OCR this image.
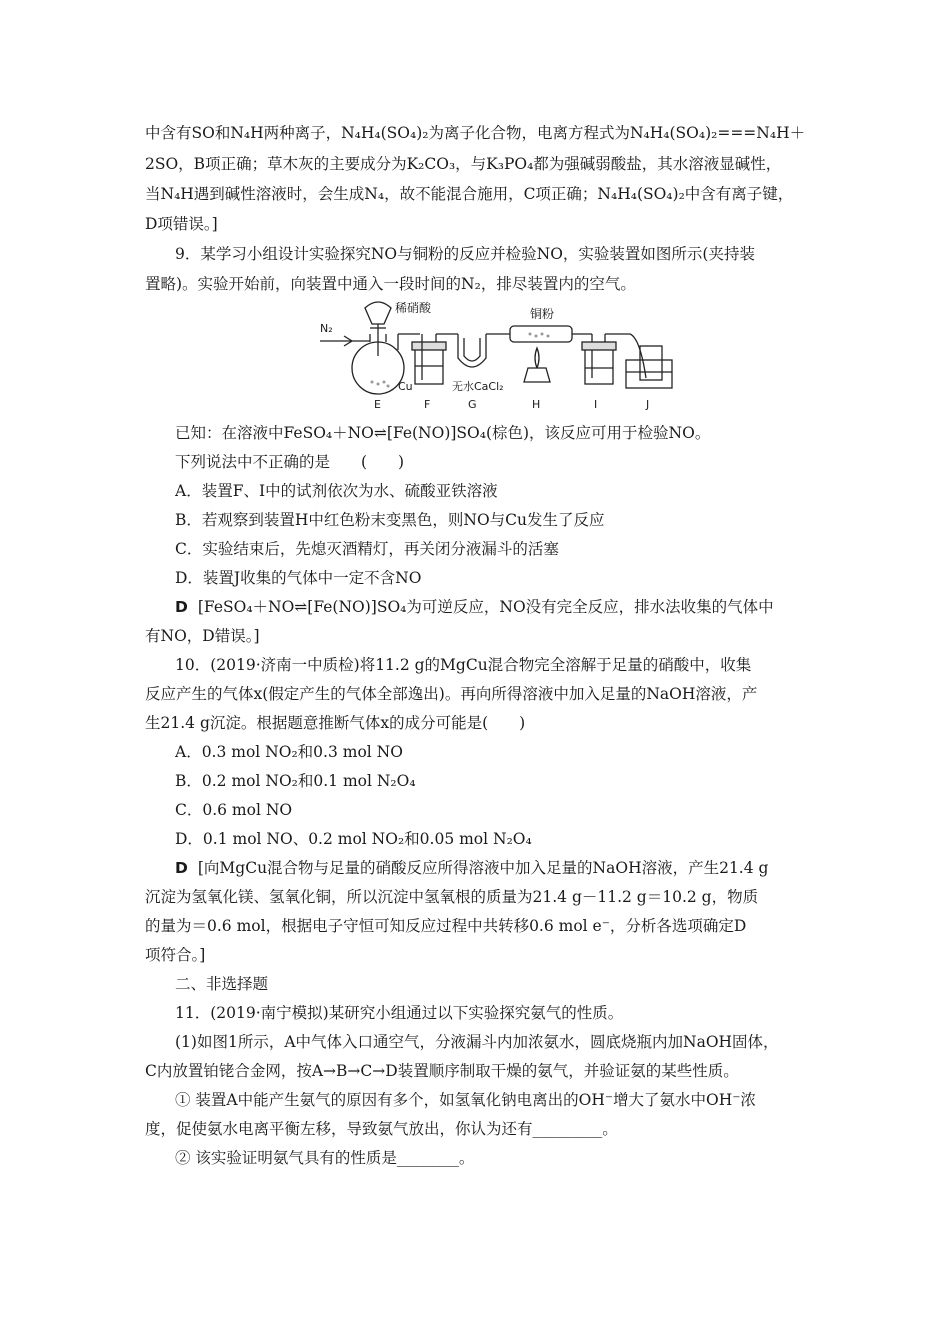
中含有SO和N₄H两种离子，N₄H₄(SO₄)₂为离子化合物，电离方程式为N₄H₄(SO₄)₂===N₄H＋
2SO，B项正确；草木灰的主要成分为K₂CO₃，与K₃PO₄都为强碱弱酸盐，其水溶液显碱性，
当N₄H遇到碱性溶液时，会生成N₄，故不能混合施用，C项正确；N₄H₄(SO₄)₂中含有离子键，
D项错误。]
9．某学习小组设计实验探究NO与铜粉的反应并检验NO，实验装置如图所示(夹持装
置略)。实验开始前，向装置中通入一段时间的N₂，排尽装置内的空气。
N₂
稀硝酸	铜粉
Cu	无水CaCl₂
E	F	G	H	I	J
已知：在溶液中FeSO₄＋NO⇌[Fe(NO)]SO₄(棕色)，该反应可用于检验NO。
下列说法中不正确的是　　(　　)
A．装置F、I中的试剂依次为水、硫酸亚铁溶液
B．若观察到装置H中红色粉末变黑色，则NO与Cu发生了反应
C．实验结束后，先熄灭酒精灯，再关闭分液漏斗的活塞
D．装置J收集的气体中一定不含NO
D [FeSO₄＋NO⇌[Fe(NO)]SO₄为可逆反应，NO没有完全反应，排水法收集的气体中
有NO，D错误。]
10．(2019·济南一中质检)将11.2 g的MgCu混合物完全溶解于足量的硝酸中，收集
反应产生的气体x(假定产生的气体全部逸出)。再向所得溶液中加入足量的NaOH溶液，产
生21.4 g沉淀。根据题意推断气体x的成分可能是(　　)
A．0.3 mol NO₂和0.3 mol NO
B．0.2 mol NO₂和0.1 mol N₂O₄
C．0.6 mol NO
D．0.1 mol NO、0.2 mol NO₂和0.05 mol N₂O₄
D [向MgCu混合物与足量的硝酸反应所得溶液中加入足量的NaOH溶液，产生21.4 g
沉淀为氢氧化镁、氢氧化铜，所以沉淀中氢氧根的质量为21.4 g－11.2 g＝10.2 g，物质
的量为＝0.6 mol，根据电子守恒可知反应过程中共转移0.6 mol e⁻，分析各选项确定D
项符合。]
二、非选择题
11．(2019·南宁模拟)某研究小组通过以下实验探究氨气的性质。
(1)如图1所示，A中气体入口通空气，分液漏斗内加浓氨水，圆底烧瓶内加NaOH固体，
C内放置铂铑合金网，按A→B→C→D装置顺序制取干燥的氨气，并验证氨的某些性质。
① 装置A中能产生氨气的原因有多个，如氢氧化钠电离出的OH⁻增大了氨水中OH⁻浓
度，促使氨水电离平衡左移，导致氨气放出，你认为还有_________。
② 该实验证明氨气具有的性质是________。
